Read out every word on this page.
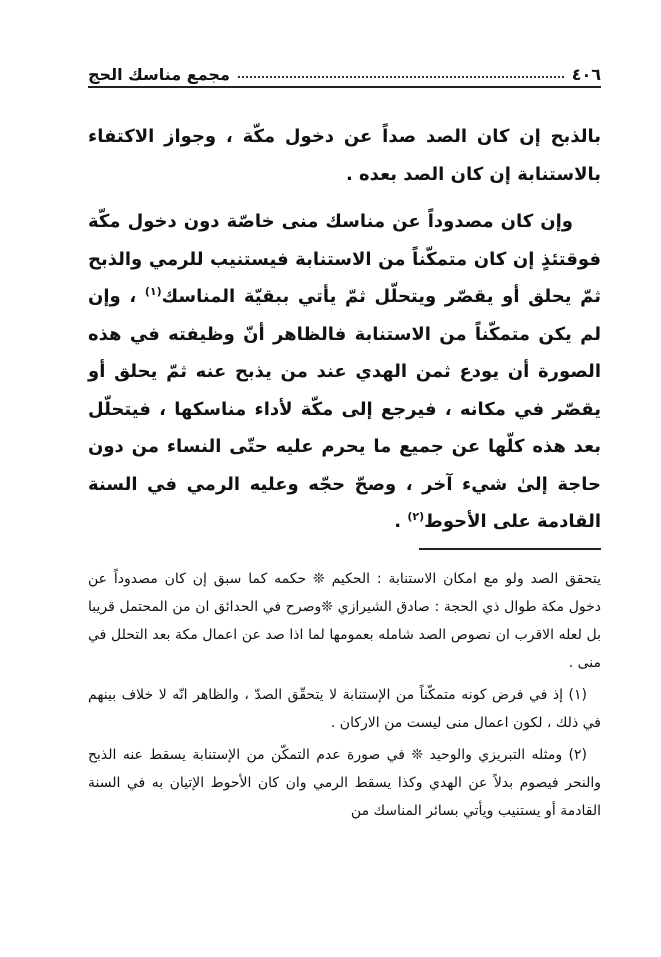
٤٠٦
مجمع مناسك الحج

بالذبح إن كان الصد صداً عن دخول مكّة ، وجواز الاكتفاء بالاستنابة إن كان الصد بعده .

وإن كان مصدوداً عن مناسك منى خاصّة دون دخول مكّة فوقتئذٍ إن كان متمكّناً من الاستنابة فيستنيب للرمي والذبح ثمّ يحلق أو يقصّر ويتحلّل ثمّ يأتي ببقيّة المناسك$^{(١)}$ ، وإن لم يكن متمكّناً من الاستنابة فالظاهر أنّ وظيفته في هذه الصورة أن يودع ثمن الهدي عند من يذبح عنه ثمّ يحلق أو يقصّر في مكانه ، فيرجع إلى مكّة لأداء مناسكها ، فيتحلّل بعد هذه كلّها عن جميع ما يحرم عليه حتّى النساء من دون حاجة إلىٰ شيء آخر ، وصحّ حجّه وعليه الرمي في السنة القادمة على الأحوط$^{(٢)}$ .

يتحقق الصد ولو مع امكان الاستنابة : الحكيم ❊ حكمه كما سبق إن كان مصدوداً عن دخول مكة طوال ذي الحجة : صادق الشيرازي ❊وصرح في الحدائق ان من المحتمل قريبا بل لعله الاقرب ان نصوص الصد شامله بعمومها لما اذا صد عن اعمال مكة بعد التحلل في منى .

(١) إذ في فرض كونه متمكّناً من الإستنابة لا يتحقّق الصدّ ، والظاهر انّه لا خلاف بينهم في ذلك ، لكون اعمال منى ليست من الاركان .

(٢) ومثله التبريزي والوحيد ❊ في صورة عدم التمكّن من الإستنابة يسقط عنه الذبح والنحر فيصوم بدلاً عن الهدي وكذا يسقط الرمي وان كان الأحوط الإتيان به في السنة القادمة أو يستنيب ويأتي بسائر المناسك من
